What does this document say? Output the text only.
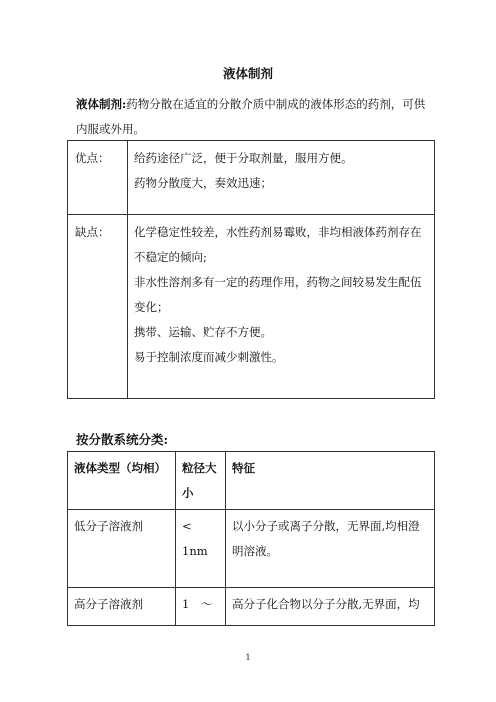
液体制剂
液体制剂:药物分散在适宜的分散介质中制成的液体形态的药剂，可供内服或外用。
优点：	给药途径广泛，便于分取剂量，服用方便。
药物分散度大，奏效迅速；

缺点：	化学稳定性较差，水性药剂易霉败，非均相液体药剂存在不稳定的倾向;
非水性溶剂多有一定的药理作用，药物之间较易发生配伍变化；
携带、运输、贮存不方便。
易于控制浓度而减少刺激性。
按分散系统分类:
液体类型（均相）	粒径大小	特征
低分子溶液剂	< 1nm	以小分子或离子分散，无界面,均相澄明溶液。
高分子溶液剂	1　～	高分子化合物以分子分散,无界面，均
1
